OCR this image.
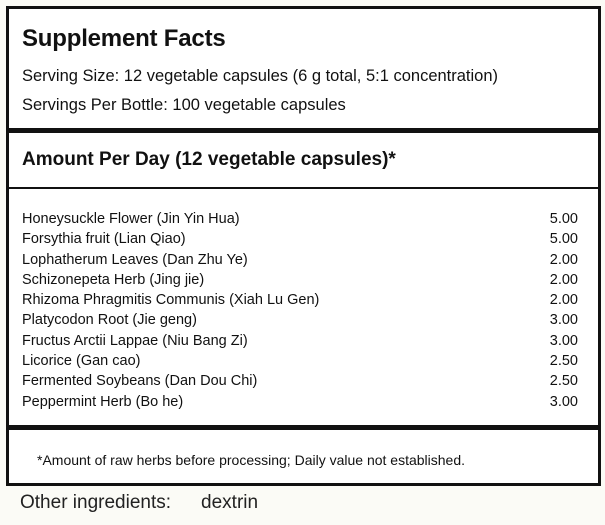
Supplement Facts
Serving Size: 12 vegetable capsules (6 g total, 5:1 concentration)
Servings Per Bottle: 100 vegetable capsules
Amount Per Day (12 vegetable capsules)*
Honeysuckle Flower (Jin Yin Hua)	5.00
Forsythia fruit (Lian Qiao)	5.00
Lophatherum Leaves (Dan Zhu Ye)	2.00
Schizonepeta Herb (Jing jie)	2.00
Rhizoma Phragmitis Communis (Xiah Lu Gen)	2.00
Platycodon Root (Jie geng)	3.00
Fructus Arctii Lappae (Niu Bang Zi)	3.00
Licorice (Gan cao)	2.50
Fermented Soybeans (Dan Dou Chi)	2.50
Peppermint Herb (Bo he)	3.00
*Amount of raw herbs before processing; Daily value not established.
Other ingredients: dextrin
